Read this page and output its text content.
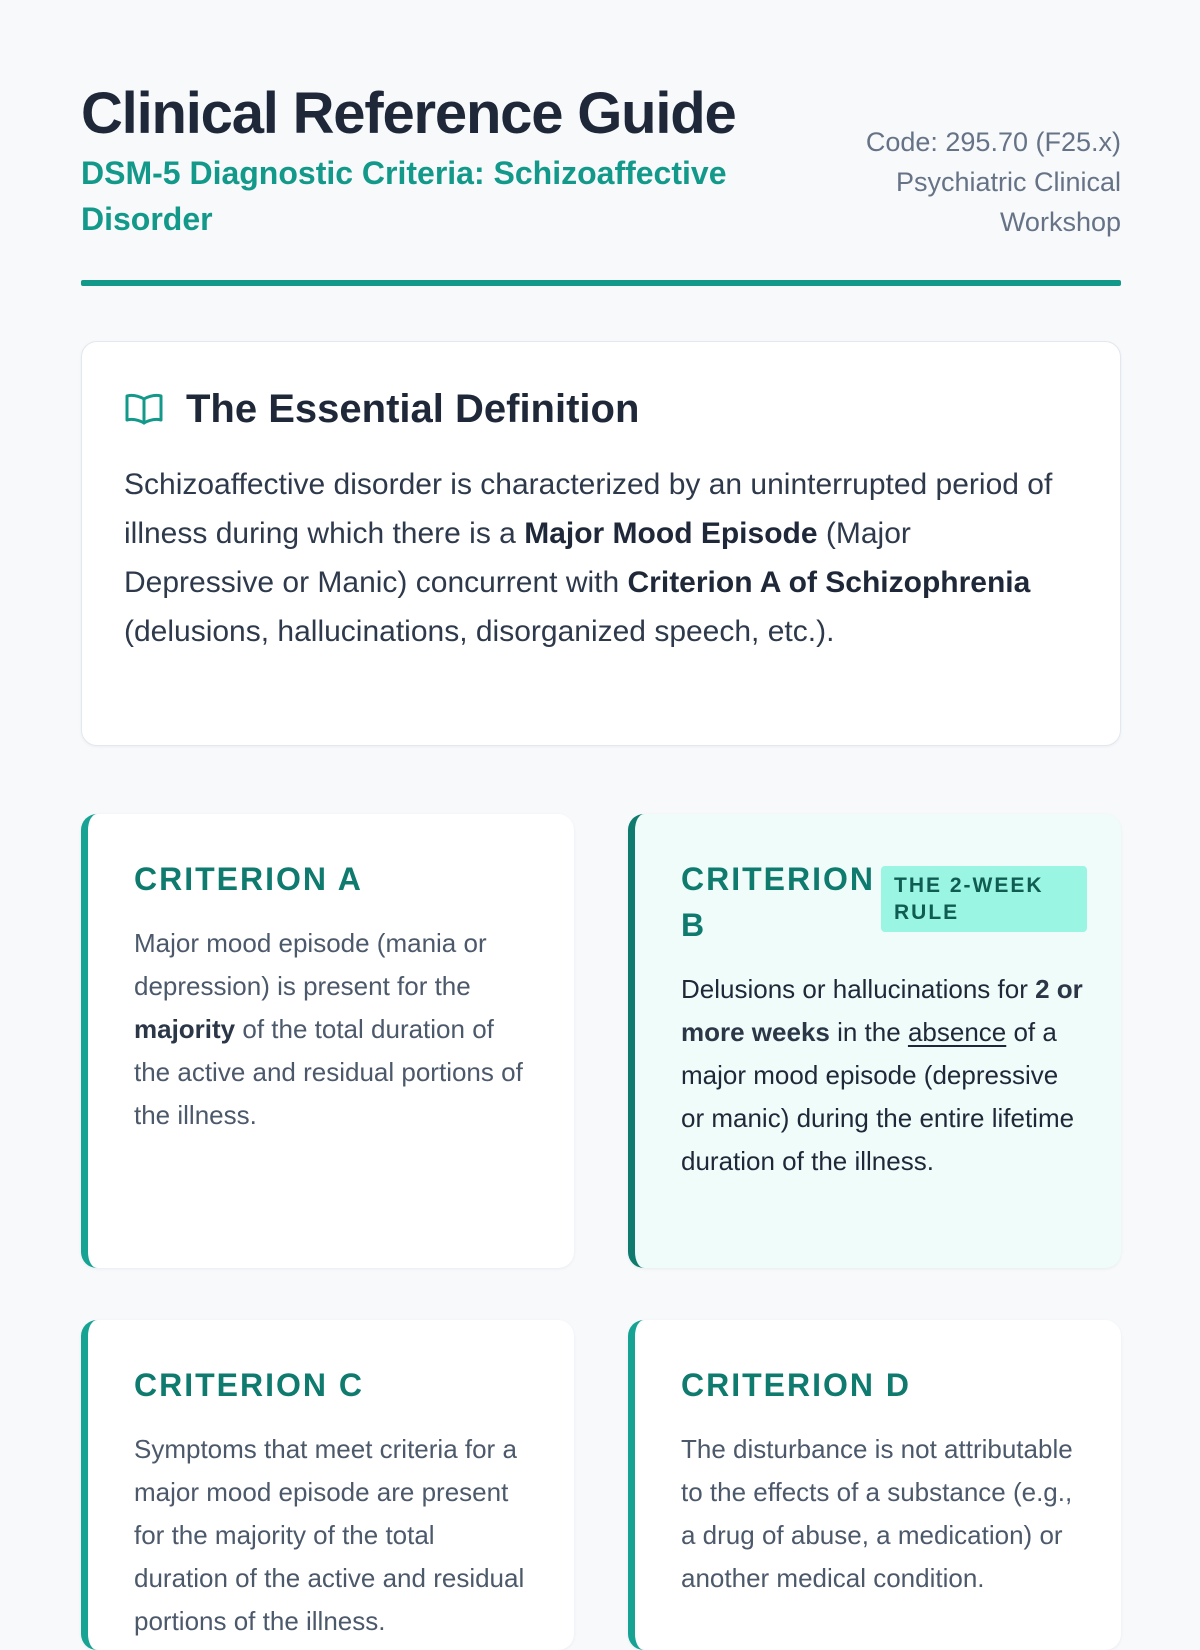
Clinical Reference Guide
DSM-5 Diagnostic Criteria: Schizoaffective Disorder
Code: 295.70 (F25.x)
Psychiatric Clinical Workshop
The Essential Definition

Schizoaffective disorder is characterized by an uninterrupted period of illness during which there is a Major Mood Episode (Major Depressive or Manic) concurrent with Criterion A of Schizophrenia (delusions, hallucinations, disorganized speech, etc.).

CRITERION A

Major mood episode (mania or depression) is present for the majority of the total duration of the active and residual portions of the illness.

CRITERION B
THE 2-WEEK RULE

Delusions or hallucinations for 2 or more weeks in the absence of a major mood episode (depressive or manic) during the entire lifetime duration of the illness.

CRITERION C

Symptoms that meet criteria for a major mood episode are present for the majority of the total duration of the active and residual portions of the illness.

CRITERION D

The disturbance is not attributable to the effects of a substance (e.g., a drug of abuse, a medication) or another medical condition.
